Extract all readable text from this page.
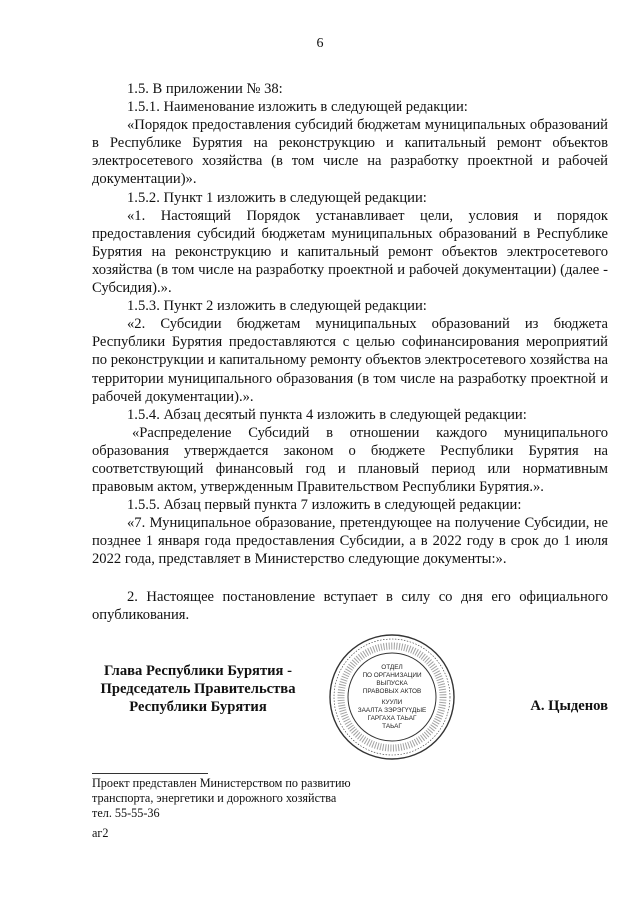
6

1.5. В приложении № 38:

1.5.1. Наименование изложить в следующей редакции:

«Порядок предоставления субсидий бюджетам муниципальных образований в Республике Бурятия на реконструкцию и капитальный ремонт объектов электросетевого хозяйства (в том числе на разработку проектной и рабочей документации)».

1.5.2. Пункт 1 изложить в следующей редакции:

«1. Настоящий Порядок устанавливает цели, условия и порядок предоставления субсидий бюджетам муниципальных образований в Республике Бурятия на реконструкцию и капитальный ремонт объектов электросетевого хозяйства (в том числе на разработку проектной и рабочей документации) (далее - Субсидия).».

1.5.3. Пункт 2 изложить в следующей редакции:

«2. Субсидии бюджетам муниципальных образований из бюджета Республики Бурятия предоставляются с целью софинансирования мероприятий по реконструкции и капитальному ремонту объектов электросетевого хозяйства на территории муниципального образования (в том числе на разработку проектной и рабочей документации).».

1.5.4. Абзац десятый пункта 4 изложить в следующей редакции:

«Распределение Субсидий в отношении каждого муниципального образования утверждается законом о бюджете Республики Бурятия на соответствующий финансовый год и плановый период или нормативным правовым актом, утвержденным Правительством Республики Бурятия.».

1.5.5. Абзац первый пункта 7 изложить в следующей редакции:

«7. Муниципальное образование, претендующее на получение Субсидии, не позднее 1 января года предоставления Субсидии, а в 2022 году в срок до 1 июля 2022 года, представляет в Министерство следующие документы:».

2. Настоящее постановление вступает в силу со дня его официального опубликования.

Глава Республики Бурятия -
Председатель Правительства
Республики Бурятия
ОТДЕЛ
ПО ОРГАНИЗАЦИИ
ВЫПУСКА
ПРАВОВЫХ АКТОВ
КУУЛИ
ЗААЛТА ЗЭРЭГҮҮДЫЕ
ГАРГАХА ТАЬАГ
ТАЬАГ
А. Цыденов
Проект представлен Министерством по развитию
транспорта, энергетики и дорожного хозяйства
тел. 55-55-36
аг2
